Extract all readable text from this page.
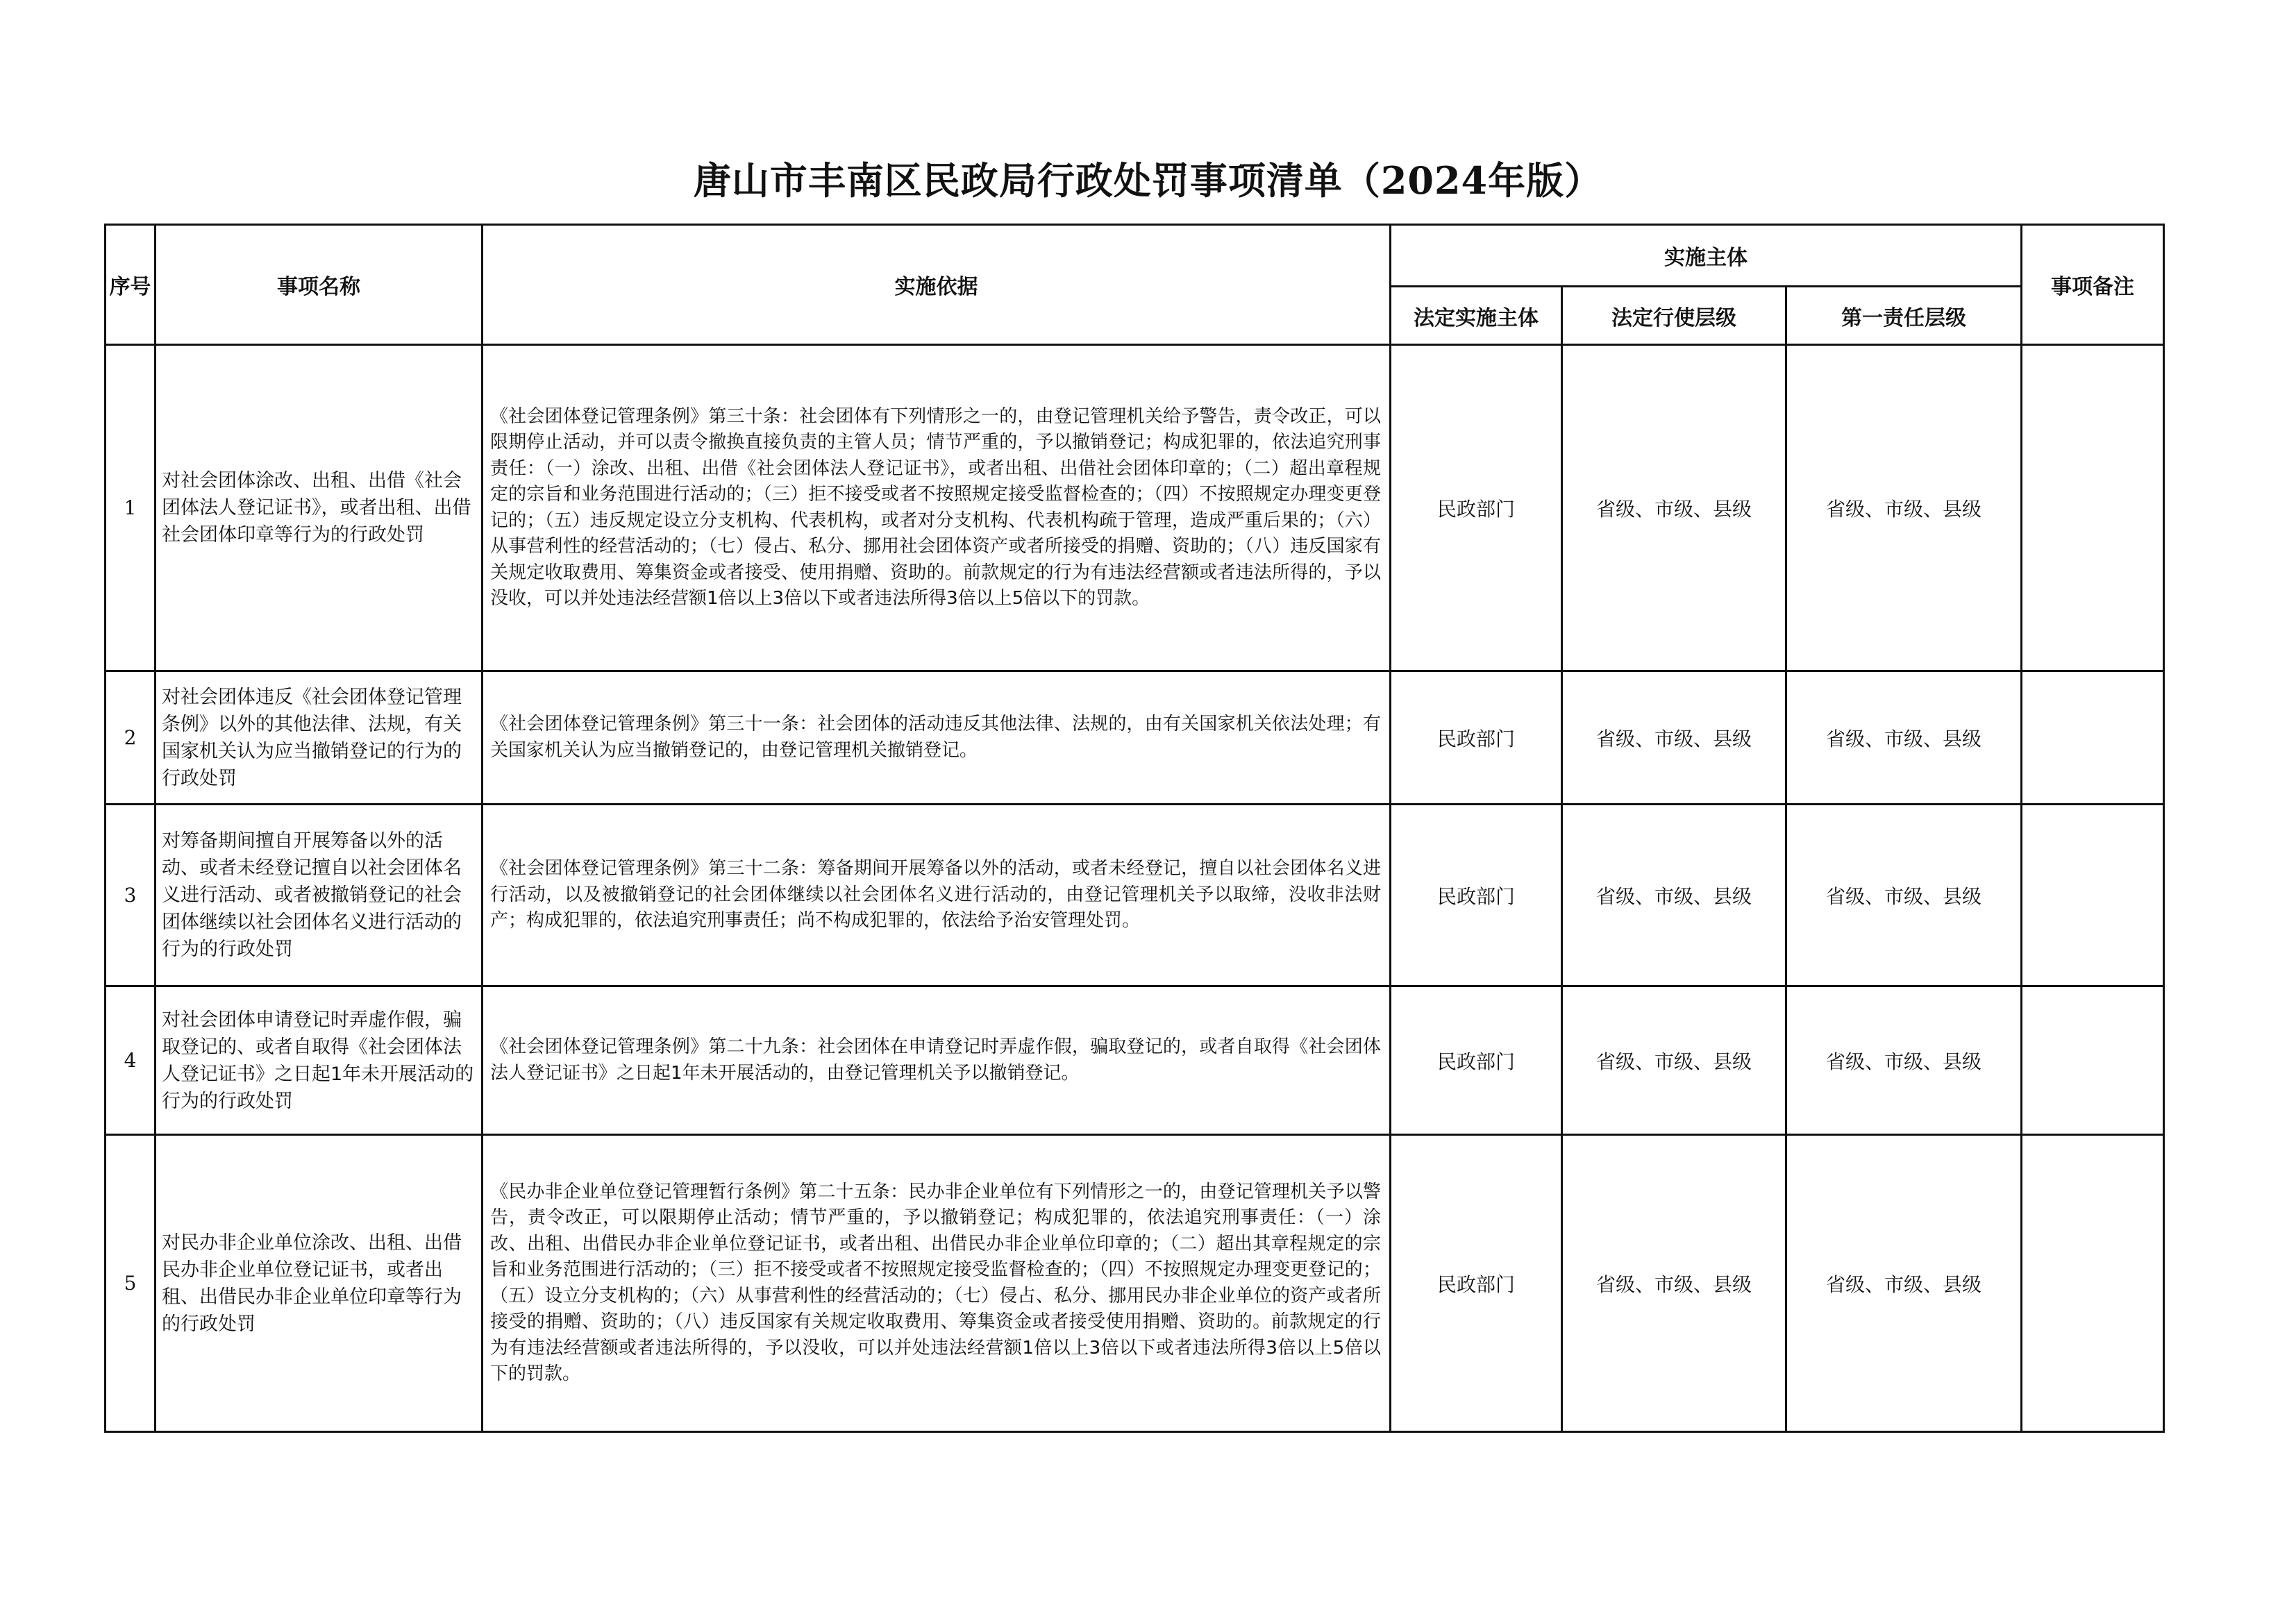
唐山市丰南区民政局行政处罚事项清单（2024年版）
序号	事项名称	实施依据	实施主体			事项备注
			法定实施主体	法定行使层级	第一责任层级	
1	对社会团体涂改、出租、出借《社会团体法人登记证书》，或者出租、出借社会团体印章等行为的行政处罚	《社会团体登记管理条例》第三十条：社会团体有下列情形之一的，由登记管理机关给予警告，责令改正，可以限期停止活动，并可以责令撤换直接负责的主管人员；情节严重的，予以撤销登记；构成犯罪的，依法追究刑事责任：（一）涂改、出租、出借《社会团体法人登记证书》，或者出租、出借社会团体印章的；（二）超出章程规定的宗旨和业务范围进行活动的；（三）拒不接受或者不按照规定接受监督检查的；（四）不按照规定办理变更登记的；（五）违反规定设立分支机构、代表机构，或者对分支机构、代表机构疏于管理，造成严重后果的；（六）从事营利性的经营活动的；（七）侵占、私分、挪用社会团体资产或者所接受的捐赠、资助的；（八）违反国家有关规定收取费用、筹集资金或者接受、使用捐赠、资助的。前款规定的行为有违法经营额或者违法所得的，予以没收，可以并处违法经营额1倍以上3倍以下或者违法所得3倍以上5倍以下的罚款。	民政部门	省级、市级、县级	省级、市级、县级	
2	对社会团体违反《社会团体登记管理条例》以外的其他法律、法规，有关国家机关认为应当撤销登记的行为的行政处罚	《社会团体登记管理条例》第三十一条：社会团体的活动违反其他法律、法规的，由有关国家机关依法处理；有关国家机关认为应当撤销登记的，由登记管理机关撤销登记。	民政部门	省级、市级、县级	省级、市级、县级	
3	对筹备期间擅自开展筹备以外的活动、或者未经登记擅自以社会团体名义进行活动、或者被撤销登记的社会团体继续以社会团体名义进行活动的行为的行政处罚	《社会团体登记管理条例》第三十二条：筹备期间开展筹备以外的活动，或者未经登记，擅自以社会团体名义进行活动，以及被撤销登记的社会团体继续以社会团体名义进行活动的，由登记管理机关予以取缔，没收非法财产；构成犯罪的，依法追究刑事责任；尚不构成犯罪的，依法给予治安管理处罚。	民政部门	省级、市级、县级	省级、市级、县级	
4	对社会团体申请登记时弄虚作假，骗取登记的、或者自取得《社会团体法人登记证书》之日起1年未开展活动的行为的行政处罚	《社会团体登记管理条例》第二十九条：社会团体在申请登记时弄虚作假，骗取登记的，或者自取得《社会团体法人登记证书》之日起1年未开展活动的，由登记管理机关予以撤销登记。	民政部门	省级、市级、县级	省级、市级、县级	
5	对民办非企业单位涂改、出租、出借民办非企业单位登记证书，或者出租、出借民办非企业单位印章等行为的行政处罚	《民办非企业单位登记管理暂行条例》第二十五条：民办非企业单位有下列情形之一的，由登记管理机关予以警告，责令改正，可以限期停止活动；情节严重的，予以撤销登记；构成犯罪的，依法追究刑事责任：（一）涂改、出租、出借民办非企业单位登记证书，或者出租、出借民办非企业单位印章的；（二）超出其章程规定的宗旨和业务范围进行活动的；（三）拒不接受或者不按照规定接受监督检查的；（四）不按照规定办理变更登记的；（五）设立分支机构的；（六）从事营利性的经营活动的；（七）侵占、私分、挪用民办非企业单位的资产或者所接受的捐赠、资助的；（八）违反国家有关规定收取费用、筹集资金或者接受使用捐赠、资助的。前款规定的行为有违法经营额或者违法所得的，予以没收，可以并处违法经营额1倍以上3倍以下或者违法所得3倍以上5倍以下的罚款。	民政部门	省级、市级、县级	省级、市级、县级	
